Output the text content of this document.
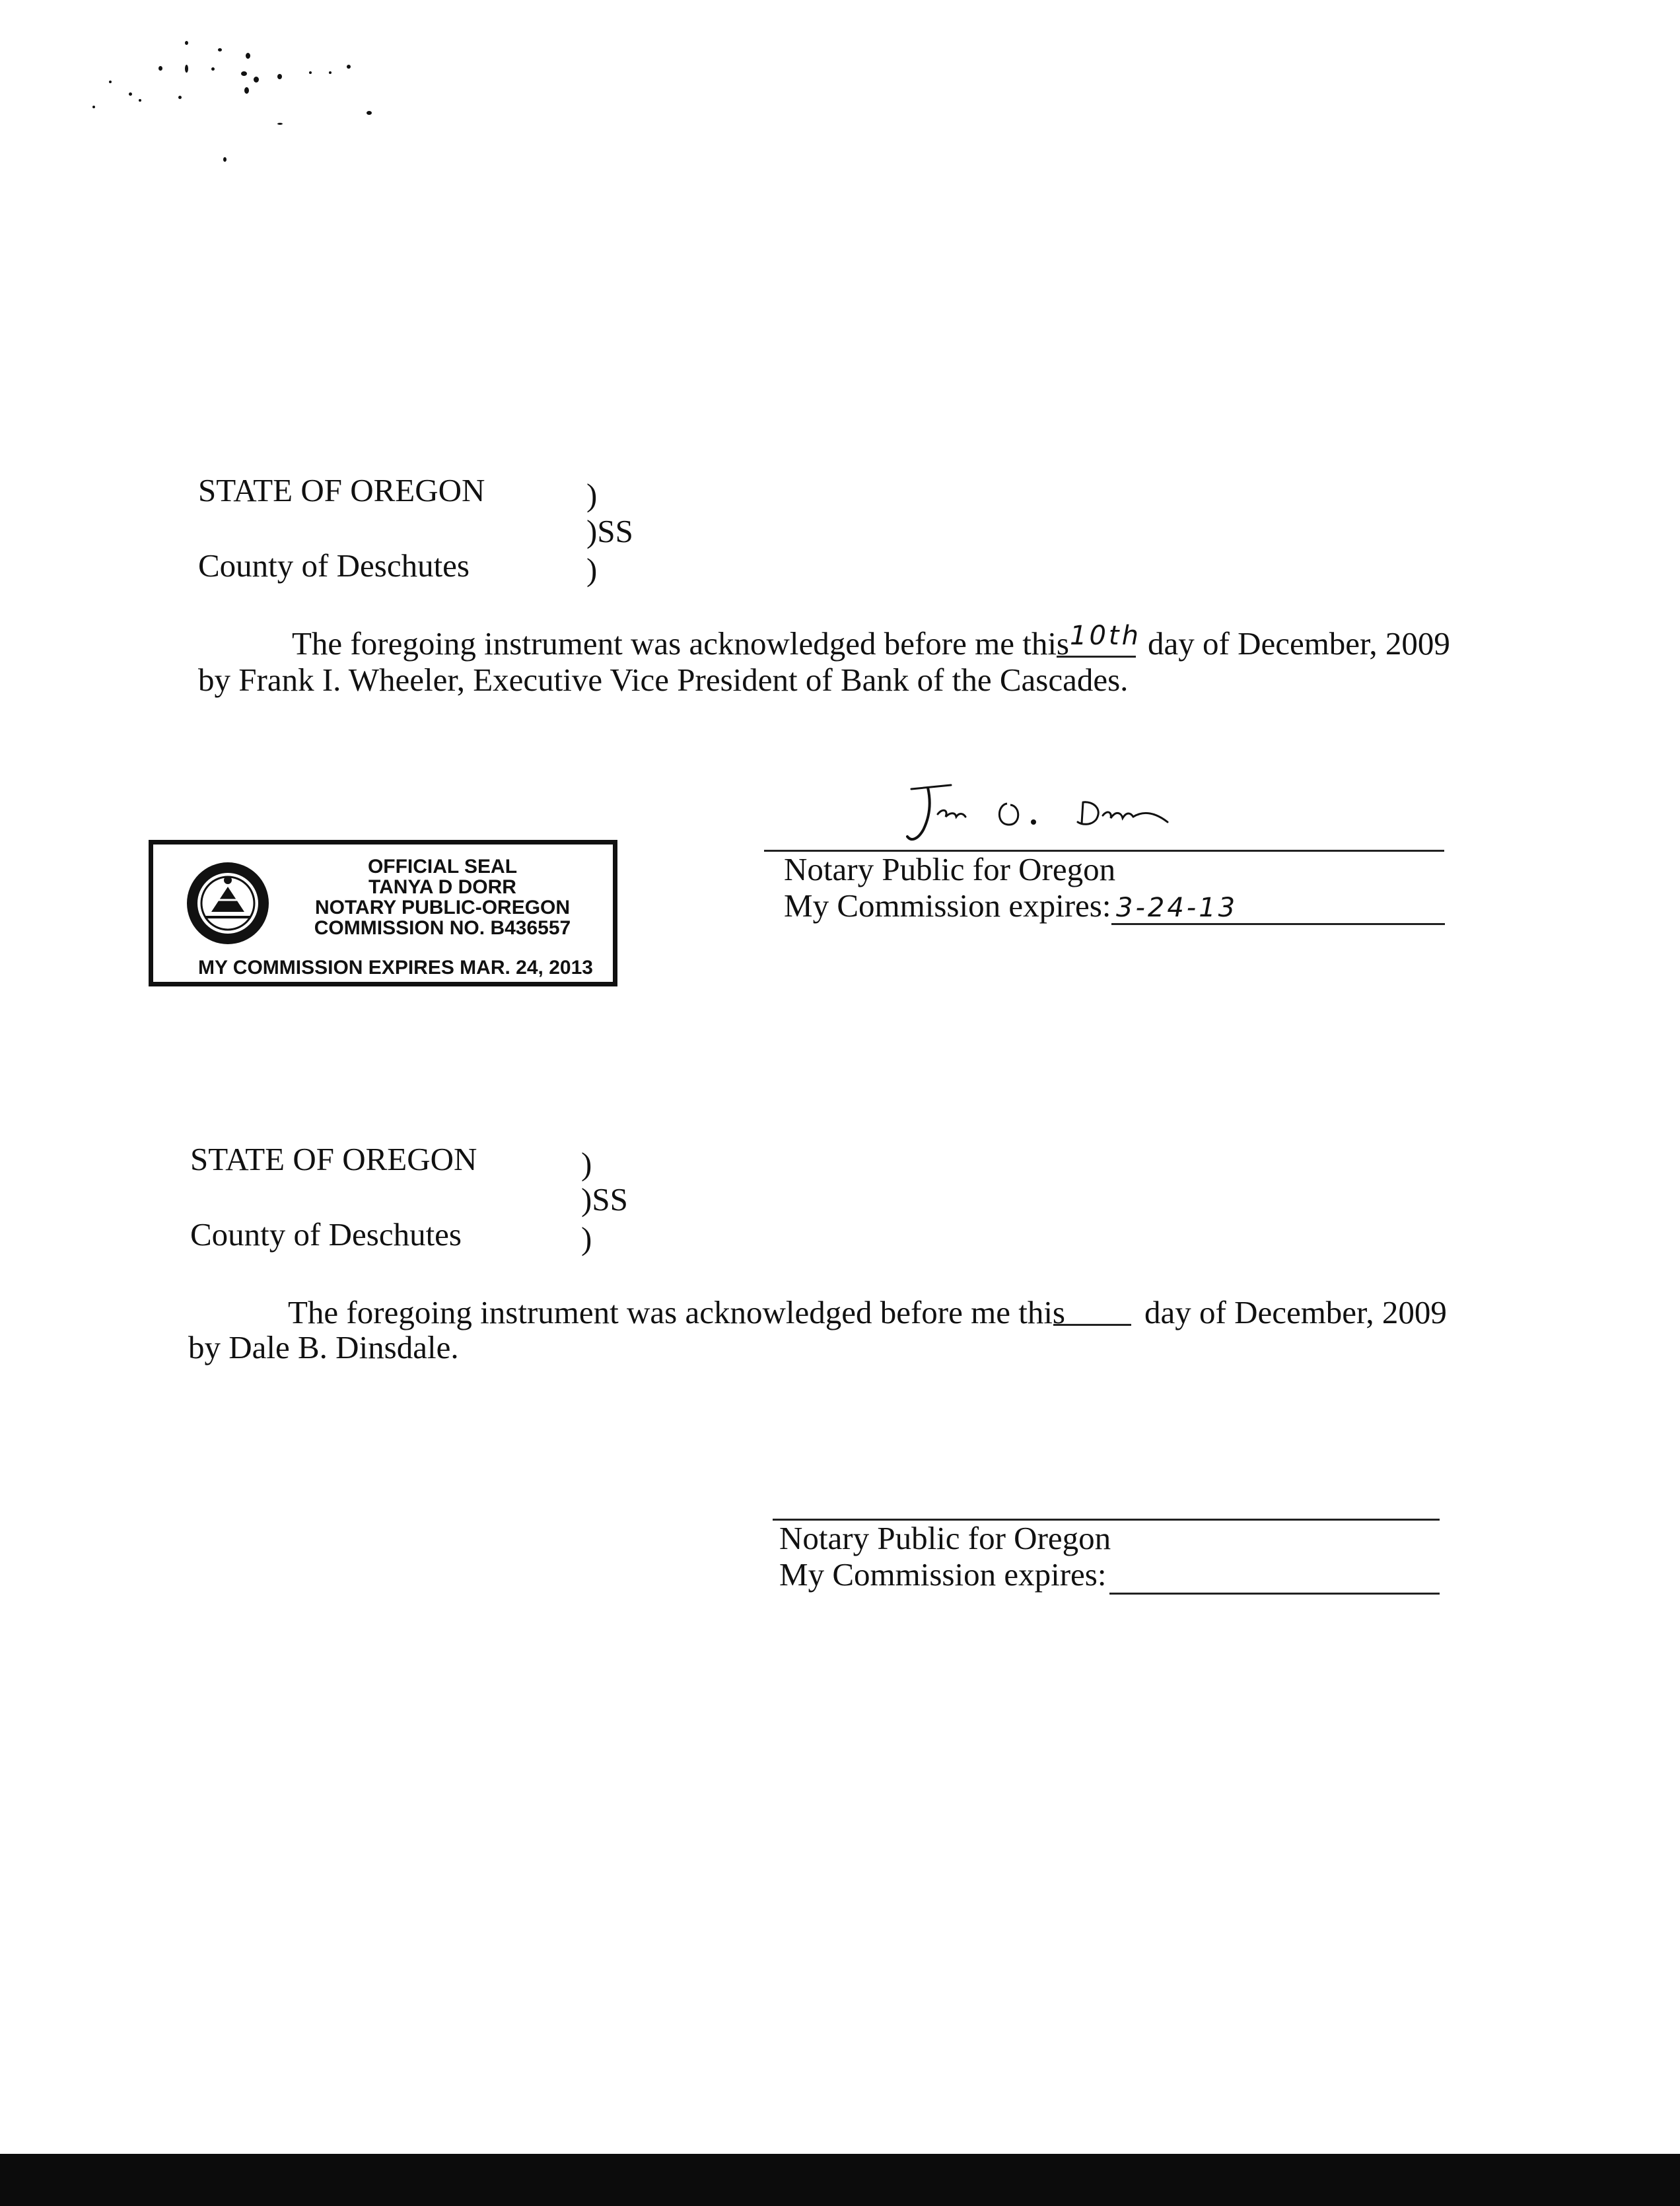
STATE OF OREGON	)
)SS
County of Deschutes	)
The foregoing instrument was acknowledged before me this 10th day of December, 2009
by Frank I. Wheeler, Executive Vice President of Bank of the Cascades.
Notary Public for Oregon
My Commission expires: 3-24-13
OFFICIAL SEAL
TANYA D DORR
NOTARY PUBLIC-OREGON
COMMISSION NO. B436557
MY COMMISSION EXPIRES MAR. 24, 2013
STATE OF OREGON	)
)SS
County of Deschutes	)
The foregoing instrument was acknowledged before me this day of December, 2009
by Dale B. Dinsdale.
Notary Public for Oregon
My Commission expires:
